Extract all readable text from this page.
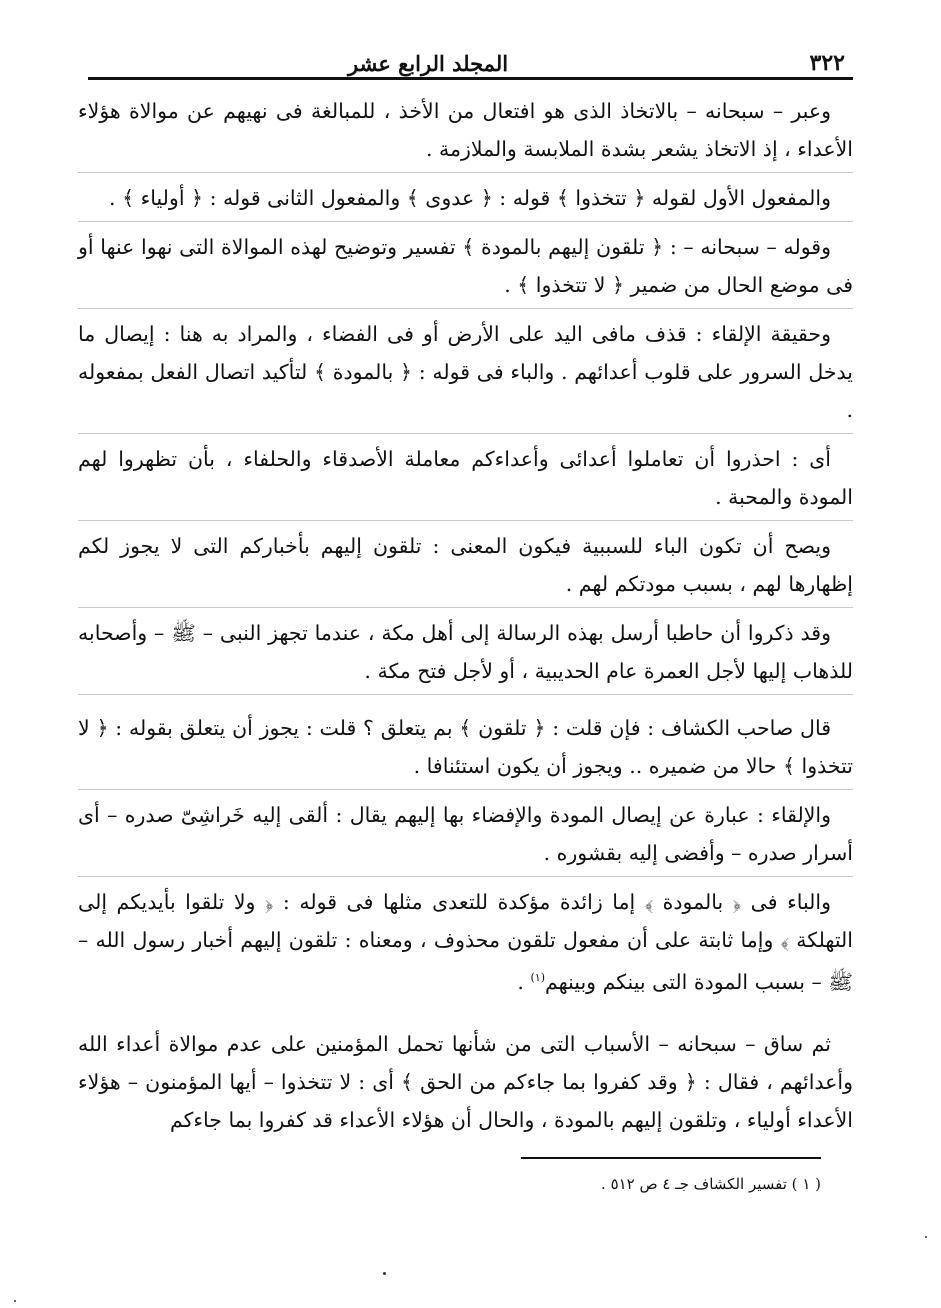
٣٢٢
المجلد الرابع عشر

وعبر – سبحانه – بالاتخاذ الذى هو افتعال من الأخذ ، للمبالغة فى نهيهم عن موالاة هؤلاء الأعداء ، إذ الاتخاذ يشعر بشدة الملابسة والملازمة .

والمفعول الأول لقوله ﴿ تتخذوا ﴾ قوله : ﴿ عدوى ﴾ والمفعول الثانى قوله : ﴿ أولياء ﴾ .

وقوله – سبحانه – : ﴿ تلقون إليهم بالمودة ﴾ تفسير وتوضيح لهذه الموالاة التى نهوا عنها أو فى موضع الحال من ضمير ﴿ لا تتخذوا ﴾ .

وحقيقة الإلقاء : قذف مافى اليد على الأرض أو فى الفضاء ، والمراد به هنا : إيصال ما يدخل السرور على قلوب أعدائهم . والباء فى قوله : ﴿ بالمودة ﴾ لتأكيد اتصال الفعل بمفعوله .

أى : احذروا أن تعاملوا أعدائى وأعداءكم معاملة الأصدقاء والحلفاء ، بأن تظهروا لهم المودة والمحبة .

ويصح أن تكون الباء للسببية فيكون المعنى : تلقون إليهم بأخباركم التى لا يجوز لكم إظهارها لهم ، بسبب مودتكم لهم .

وقد ذكروا أن حاطبا أرسل بهذه الرسالة إلى أهل مكة ، عندما تجهز النبى – ﷺ – وأصحابه للذهاب إليها لأجل العمرة عام الحديبية ، أو لأجل فتح مكة .

قال صاحب الكشاف : فإن قلت : ﴿ تلقون ﴾ بم يتعلق ؟ قلت : يجوز أن يتعلق بقوله : ﴿ لا تتخذوا ﴾ حالا من ضميره .. ويجوز أن يكون استئنافا .

والإلقاء : عبارة عن إيصال المودة والإفضاء بها إليهم يقال : ألقى إليه خَراشِىّ صدره – أى أسرار صدره – وأفضى إليه بقشوره .

والباء فى ﴿ بالمودة ﴾ إما زائدة مؤكدة للتعدى مثلها فى قوله : ﴿ ولا تلقوا بأيديكم إلى التهلكة ﴾ وإما ثابتة على أن مفعول تلقون محذوف ، ومعناه : تلقون إليهم أخبار رسول الله – ﷺ – بسبب المودة التى بينكم وبينهم$^{(١)}$ .

ثم ساق – سبحانه – الأسباب التى من شأنها تحمل المؤمنين على عدم موالاة أعداء الله وأعدائهم ، فقال : ﴿ وقد كفروا بما جاءكم من الحق ﴾ أى : لا تتخذوا – أيها المؤمنون – هؤلاء الأعداء أولياء ، وتلقون إليهم بالمودة ، والحال أن هؤلاء الأعداء قد كفروا بما جاءكم

( ١ ) تفسير الكشاف جـ ٤ ص ٥١٢ .
